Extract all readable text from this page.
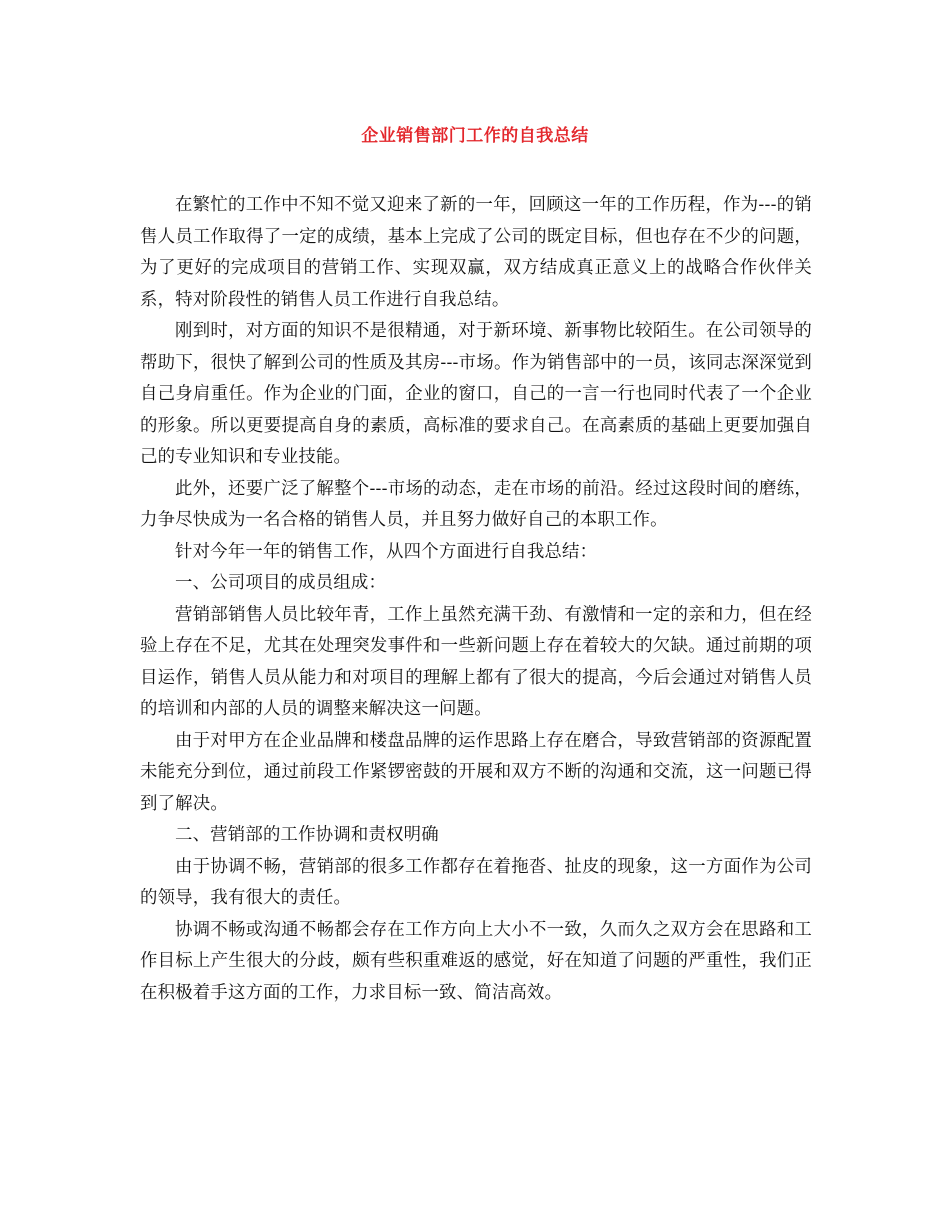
企业销售部门工作的自我总结

在繁忙的工作中不知不觉又迎来了新的一年，回顾这一年的工作历程，作为---的销售人员工作取得了一定的成绩，基本上完成了公司的既定目标，但也存在不少的问题，为了更好的完成项目的营销工作、实现双赢，双方结成真正意义上的战略合作伙伴关系，特对阶段性的销售人员工作进行自我总结。

刚到时，对方面的知识不是很精通，对于新环境、新事物比较陌生。在公司领导的帮助下，很快了解到公司的性质及其房---市场。作为销售部中的一员，该同志深深觉到自己身肩重任。作为企业的门面，企业的窗口，自己的一言一行也同时代表了一个企业的形象。所以更要提高自身的素质，高标准的要求自己。在高素质的基础上更要加强自己的专业知识和专业技能。

此外，还要广泛了解整个---市场的动态，走在市场的前沿。经过这段时间的磨练，力争尽快成为一名合格的销售人员，并且努力做好自己的本职工作。

针对今年一年的销售工作，从四个方面进行自我总结：

一、公司项目的成员组成：

营销部销售人员比较年青，工作上虽然充满干劲、有激情和一定的亲和力，但在经验上存在不足，尤其在处理突发事件和一些新问题上存在着较大的欠缺。通过前期的项目运作，销售人员从能力和对项目的理解上都有了很大的提高，今后会通过对销售人员的培训和内部的人员的调整来解决这一问题。

由于对甲方在企业品牌和楼盘品牌的运作思路上存在磨合，导致营销部的资源配置未能充分到位，通过前段工作紧锣密鼓的开展和双方不断的沟通和交流，这一问题已得到了解决。

二、营销部的工作协调和责权明确

由于协调不畅，营销部的很多工作都存在着拖沓、扯皮的现象，这一方面作为公司的领导，我有很大的责任。

协调不畅或沟通不畅都会存在工作方向上大小不一致，久而久之双方会在思路和工作目标上产生很大的分歧，颇有些积重难返的感觉，好在知道了问题的严重性，我们正在积极着手这方面的工作，力求目标一致、简洁高效。
